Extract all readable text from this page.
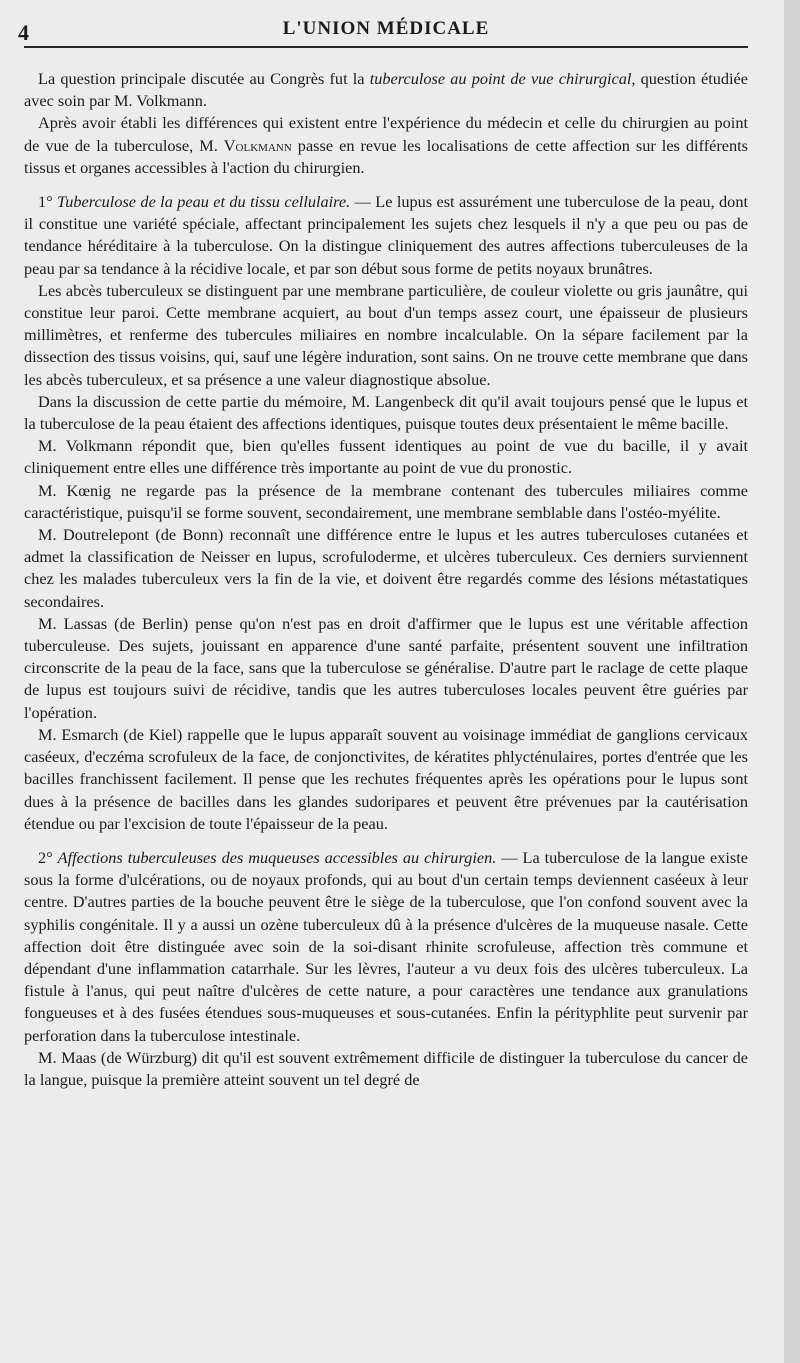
4	L'UNION MÉDICALE

La question principale discutée au Congrès fut la tuberculose au point de vue chirurgical, question étudiée avec soin par M. Volkmann.

Après avoir établi les différences qui existent entre l'expérience du médecin et celle du chirurgien au point de vue de la tuberculose, M. Volkmann passe en revue les localisations de cette affection sur les différents tissus et organes accessibles à l'action du chirurgien.

1° Tuberculose de la peau et du tissu cellulaire. — Le lupus est assurément une tuberculose de la peau, dont il constitue une variété spéciale, affectant principalement les sujets chez lesquels il n'y a que peu ou pas de tendance héréditaire à la tuberculose. On la distingue cliniquement des autres affections tuberculeuses de la peau par sa tendance à la récidive locale, et par son début sous forme de petits noyaux brunâtres.

Les abcès tuberculeux se distinguent par une membrane particulière, de couleur violette ou gris jaunâtre, qui constitue leur paroi. Cette membrane acquiert, au bout d'un temps assez court, une épaisseur de plusieurs millimètres, et renferme des tubercules miliaires en nombre incalculable. On la sépare facilement par la dissection des tissus voisins, qui, sauf une légère induration, sont sains. On ne trouve cette membrane que dans les abcès tuberculeux, et sa présence a une valeur diagnostique absolue.

Dans la discussion de cette partie du mémoire, M. Langenbeck dit qu'il avait toujours pensé que le lupus et la tuberculose de la peau étaient des affections identiques, puisque toutes deux présentaient le même bacille.

M. Volkmann répondit que, bien qu'elles fussent identiques au point de vue du bacille, il y avait cliniquement entre elles une différence très importante au point de vue du pronostic.

M. Kœnig ne regarde pas la présence de la membrane contenant des tubercules miliaires comme caractéristique, puisqu'il se forme souvent, secondairement, une membrane semblable dans l'ostéo-myélite.

M. Doutrelepont (de Bonn) reconnaît une différence entre le lupus et les autres tuberculoses cutanées et admet la classification de Neisser en lupus, scrofuloderme, et ulcères tuberculeux. Ces derniers surviennent chez les malades tuberculeux vers la fin de la vie, et doivent être regardés comme des lésions métastatiques secondaires.

M. Lassas (de Berlin) pense qu'on n'est pas en droit d'affirmer que le lupus est une véritable affection tuberculeuse. Des sujets, jouissant en apparence d'une santé parfaite, présentent souvent une infiltration circonscrite de la peau de la face, sans que la tuberculose se généralise. D'autre part le raclage de cette plaque de lupus est toujours suivi de récidive, tandis que les autres tuberculoses locales peuvent être guéries par l'opération.

M. Esmarch (de Kiel) rappelle que le lupus apparaît souvent au voisinage immédiat de ganglions cervicaux caséeux, d'eczéma scrofuleux de la face, de conjonctivites, de kératites phlycténulaires, portes d'entrée que les bacilles franchissent facilement. Il pense que les rechutes fréquentes après les opérations pour le lupus sont dues à la présence de bacilles dans les glandes sudoripares et peuvent être prévenues par la cautérisation étendue ou par l'excision de toute l'épaisseur de la peau.

2° Affections tuberculeuses des muqueuses accessibles au chirurgien. — La tuberculose de la langue existe sous la forme d'ulcérations, ou de noyaux profonds, qui au bout d'un certain temps deviennent caséeux à leur centre. D'autres parties de la bouche peuvent être le siège de la tuberculose, que l'on confond souvent avec la syphilis congénitale. Il y a aussi un ozène tuberculeux dû à la présence d'ulcères de la muqueuse nasale. Cette affection doit être distinguée avec soin de la soi-disant rhinite scrofuleuse, affection très commune et dépendant d'une inflammation catarrhale. Sur les lèvres, l'auteur a vu deux fois des ulcères tuberculeux. La fistule à l'anus, qui peut naître d'ulcères de cette nature, a pour caractères une tendance aux granulations fongueuses et à des fusées étendues sous-muqueuses et sous-cutanées. Enfin la pérityphlite peut survenir par perforation dans la tuberculose intestinale.

M. Maas (de Würzburg) dit qu'il est souvent extrêmement difficile de distinguer la tuberculose du cancer de la langue, puisque la première atteint souvent un tel degré de
